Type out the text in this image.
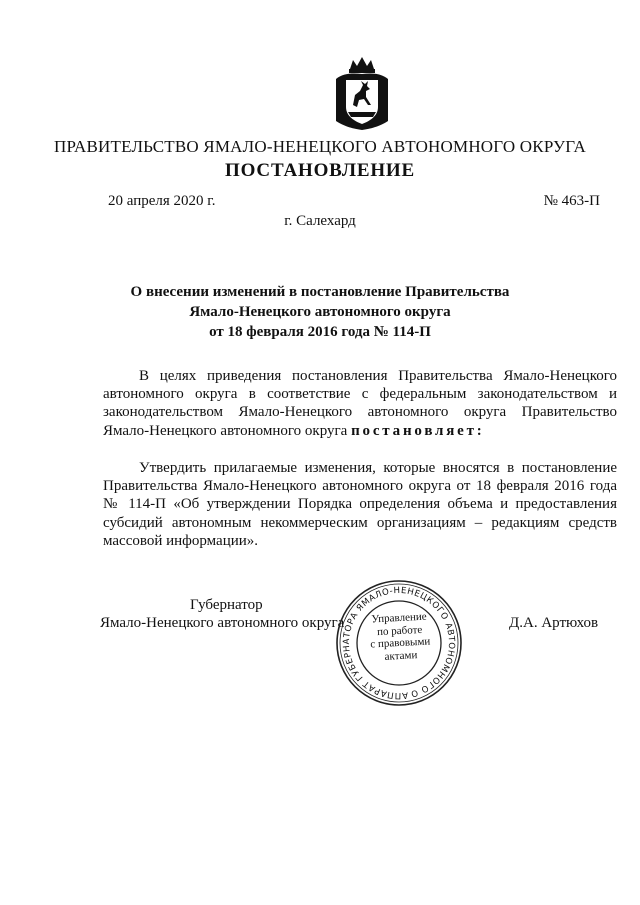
ПРАВИТЕЛЬСТВО ЯМАЛО-НЕНЕЦКОГО АВТОНОМНОГО ОКРУГА
ПОСТАНОВЛЕНИЕ
20 апреля 2020 г.	№ 463-П
г. Салехард
О внесении изменений в постановление Правительства
Ямало-Ненецкого автономного округа
от 18 февраля 2016 года № 114-П

В целях приведения постановления Правительства Ямало-Ненецкого автономного округа в соответствие с федеральным законодательством и законодательством Ямало-Ненецкого автономного округа Правительство Ямало-Ненецкого автономного округа постановляет:

Утвердить прилагаемые изменения, которые вносятся в постановление Правительства Ямало-Ненецкого автономного округа от 18 февраля 2016 года № 114-П «Об утверждении Порядка определения объема и предоставления субсидий автономным некоммерческим организациям – редакциям средств массовой информации».

Губернатор
Ямало-Ненецкого автономного округа	Д.А. Артюхов
АППАРАТ ГУБЕРНАТОРА ЯМАЛО-НЕНЕЦКОГО АВТОНОМНОГО ОКРУГА
Управление
по работе
с правовыми
актами
